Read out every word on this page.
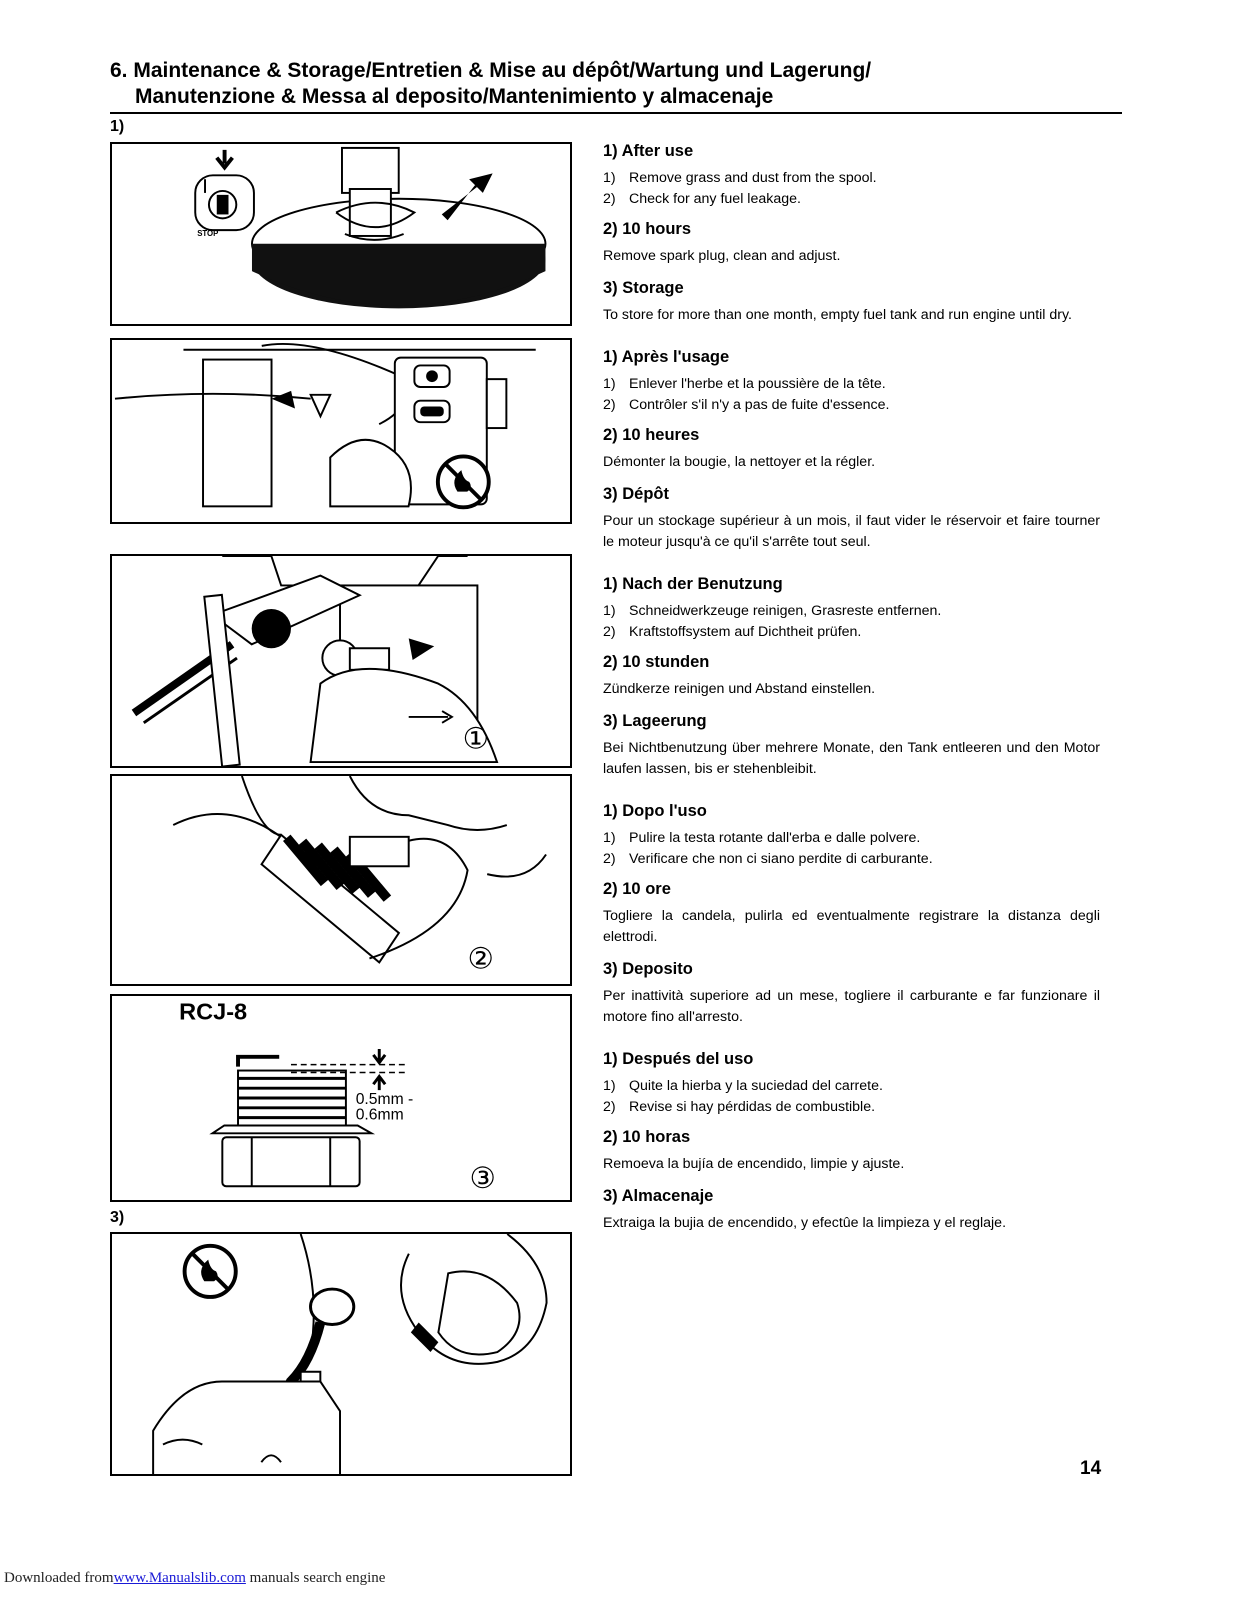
6. Maintenance & Storage/Entretien & Mise au dépôt/Wartung und Lagerung/
Manutenzione & Messa al deposito/Mantenimiento y almacenaje
1)
3)
STOP
①
②
RCJ-8
0.5mm -
0.6mm
③
1) After use
1) Remove grass and dust from the spool.
2) Check for any fuel leakage.
2) 10 hours

Remove spark plug, clean and adjust.

3) Storage

To store for more than one month, empty fuel tank and run engine until dry.

1) Après l'usage
1) Enlever l'herbe et la poussière de la tête.
2) Contrôler s'il n'y a pas de fuite d'essence.
2) 10 heures

Démonter la bougie, la nettoyer et la régler.

3) Dépôt

Pour un stockage supérieur à un mois, il faut vider le réservoir et faire tourner le moteur jusqu'à ce qu'il s'arrête tout seul.

1) Nach der Benutzung
1) Schneidwerkzeuge reinigen, Grasreste entfernen.
2) Kraftstoffsystem auf Dichtheit prüfen.
2) 10 stunden

Zündkerze reinigen und Abstand einstellen.

3) Lageerung

Bei Nichtbenutzung über mehrere Monate, den Tank entleeren und den Motor laufen lassen, bis er stehenbleibit.

1) Dopo l'uso
1) Pulire la testa rotante dall'erba e dalle polvere.
2) Verificare che non ci siano perdite di carburante.
2) 10 ore

Togliere la candela, pulirla ed eventualmente registrare la distanza degli elettrodi.

3) Deposito

Per inattività superiore ad un mese, togliere il carburante e far funzionare il motore fino all'arresto.

1) Después del uso
1) Quite la hierba y la suciedad del carrete.
2) Revise si hay pérdidas de combustible.
2) 10 horas

Remoeva la bujía de encendido, limpie y ajuste.

3) Almacenaje

Extraiga la bujia de encendido, y efectûe la limpieza y el reglaje.

14
Downloaded fromwww.Manualslib.com manuals search engine
